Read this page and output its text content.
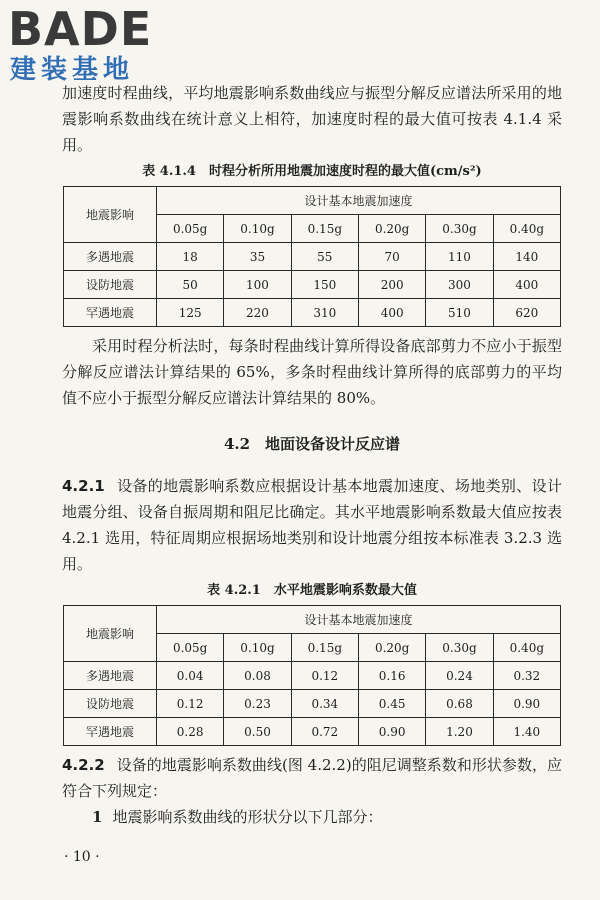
BADE
建装基地

加速度时程曲线，平均地震影响系数曲线应与振型分解反应谱法所采用的地震影响系数曲线在统计意义上相符，加速度时程的最大值可按表 4.1.4 采用。

表 4.1.4　时程分析所用地震加速度时程的最大值(cm/s²)
地震影响	设计基本地震加速度					
	0.05g	0.10g	0.15g	0.20g	0.30g	0.40g
多遇地震	18	35	55	70	110	140
设防地震	50	100	150	200	300	400
罕遇地震	125	220	310	400	510	620

采用时程分析法时，每条时程曲线计算所得设备底部剪力不应小于振型分解反应谱法计算结果的 65%，多条时程曲线计算所得的底部剪力的平均值不应小于振型分解反应谱法计算结果的 80%。

4.2　地面设备设计反应谱

4.2.1 设备的地震影响系数应根据设计基本地震加速度、场地类别、设计地震分组、设备自振周期和阻尼比确定。其水平地震影响系数最大值应按表 4.2.1 选用，特征周期应根据场地类别和设计地震分组按本标准表 3.2.3 选用。

表 4.2.1　水平地震影响系数最大值
地震影响	设计基本地震加速度					
	0.05g	0.10g	0.15g	0.20g	0.30g	0.40g
多遇地震	0.04	0.08	0.12	0.16	0.24	0.32
设防地震	0.12	0.23	0.34	0.45	0.68	0.90
罕遇地震	0.28	0.50	0.72	0.90	1.20	1.40

4.2.2 设备的地震影响系数曲线(图 4.2.2)的阻尼调整系数和形状参数，应符合下列规定：

1 地震影响系数曲线的形状分以下几部分：

· 10 ·
